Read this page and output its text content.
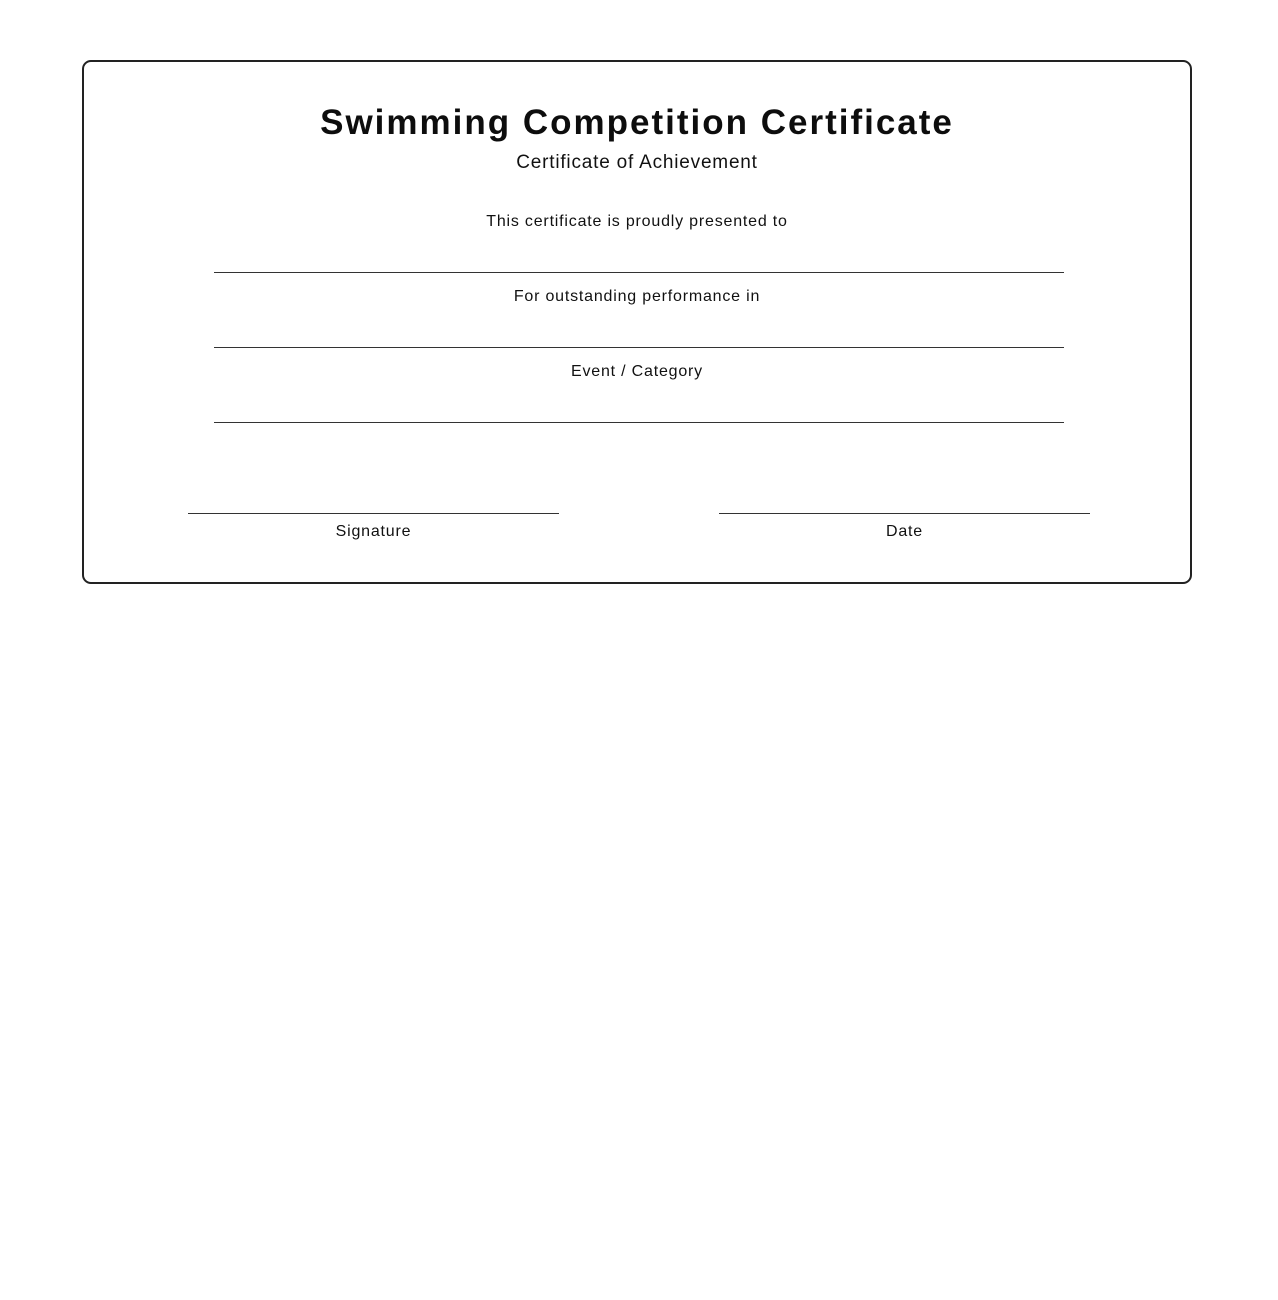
Swimming Competition Certificate
Certificate of Achievement
This certificate is proudly presented to
For outstanding performance in
Event / Category
Signature	Date
